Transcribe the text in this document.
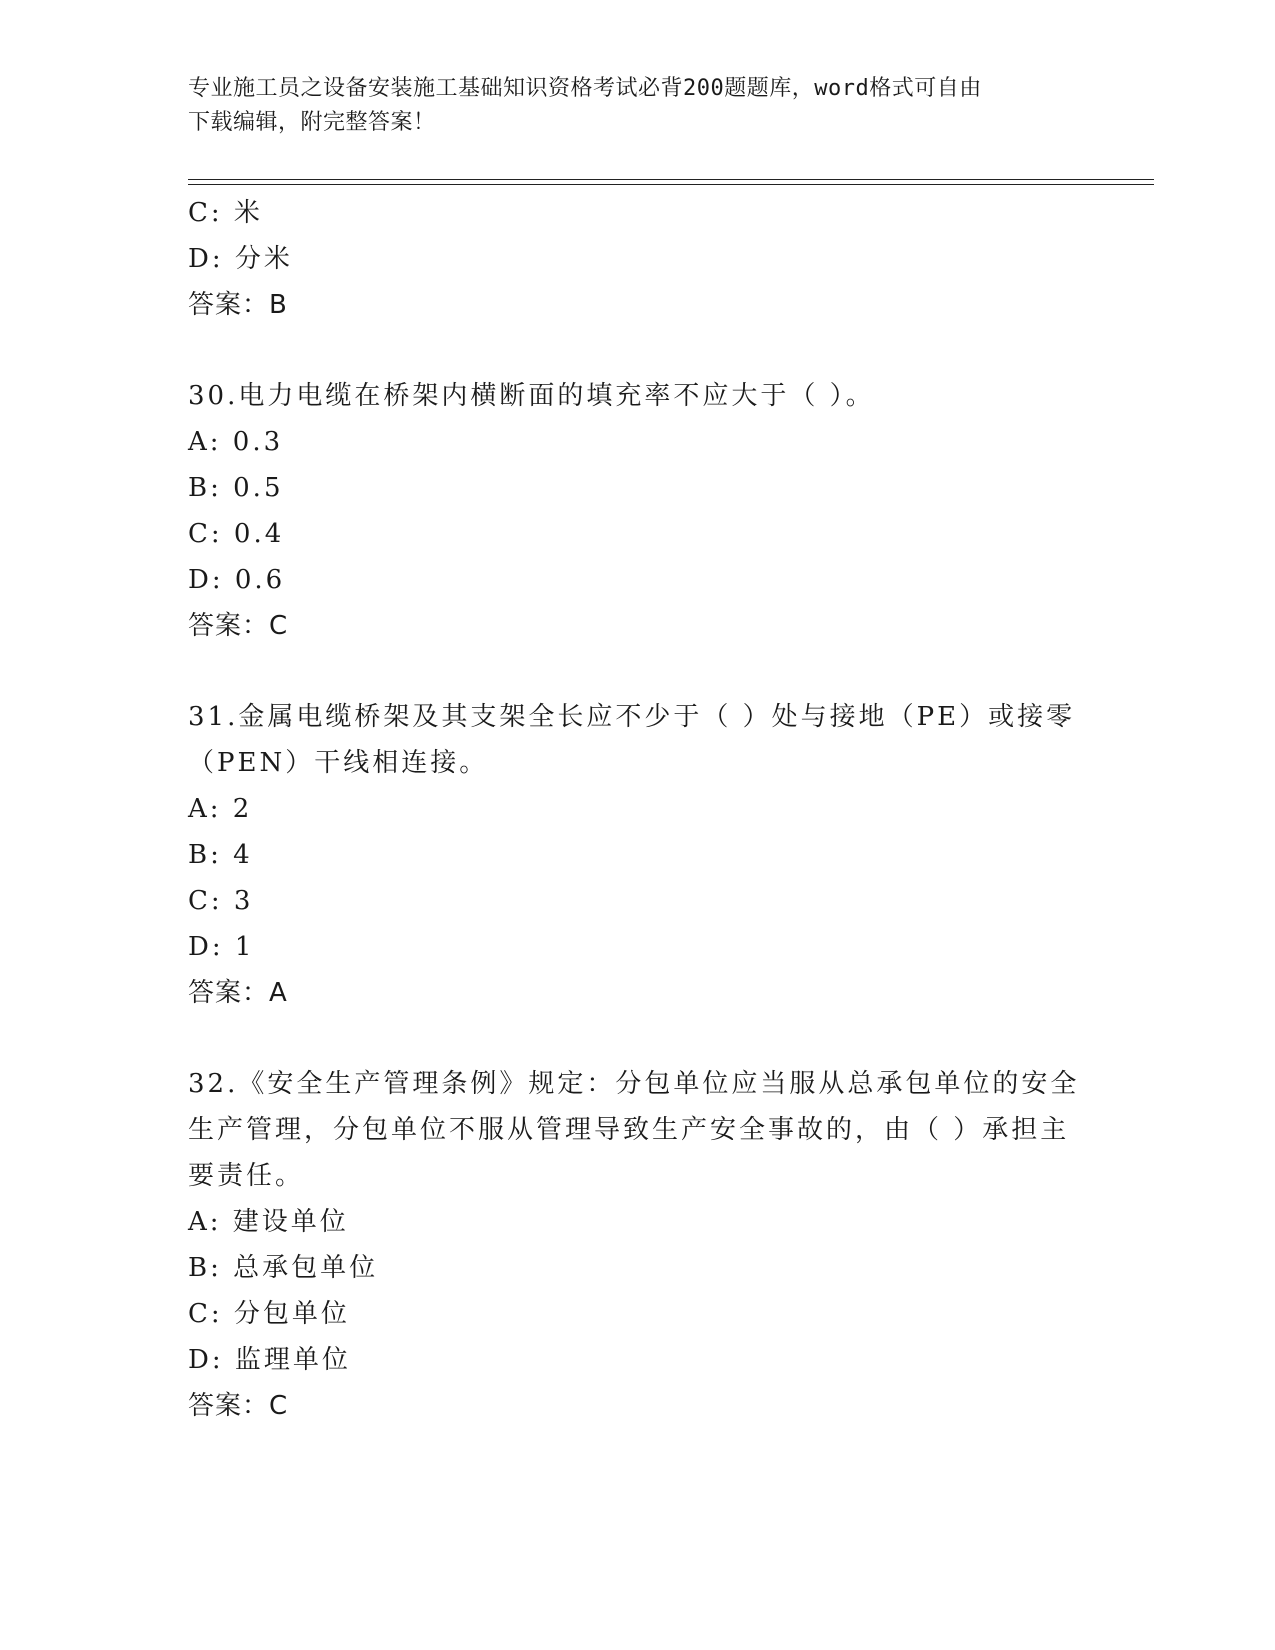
专业施工员之设备安装施工基础知识资格考试必背200题题库，word格式可自由
下载编辑，附完整答案！
C: 米
D: 分米
答案：B
30.电力电缆在桥架内横断面的填充率不应大于（ ）。
A: 0.3
B: 0.5
C: 0.4
D: 0.6
答案：C
31.金属电缆桥架及其支架全长应不少于（ ）处与接地（PE）或接零
（PEN）干线相连接。
A: 2
B: 4
C: 3
D: 1
答案：A
32.《安全生产管理条例》规定：分包单位应当服从总承包单位的安全
生产管理，分包单位不服从管理导致生产安全事故的，由（ ）承担主
要责任。
A: 建设单位
B: 总承包单位
C: 分包单位
D: 监理单位
答案：C
